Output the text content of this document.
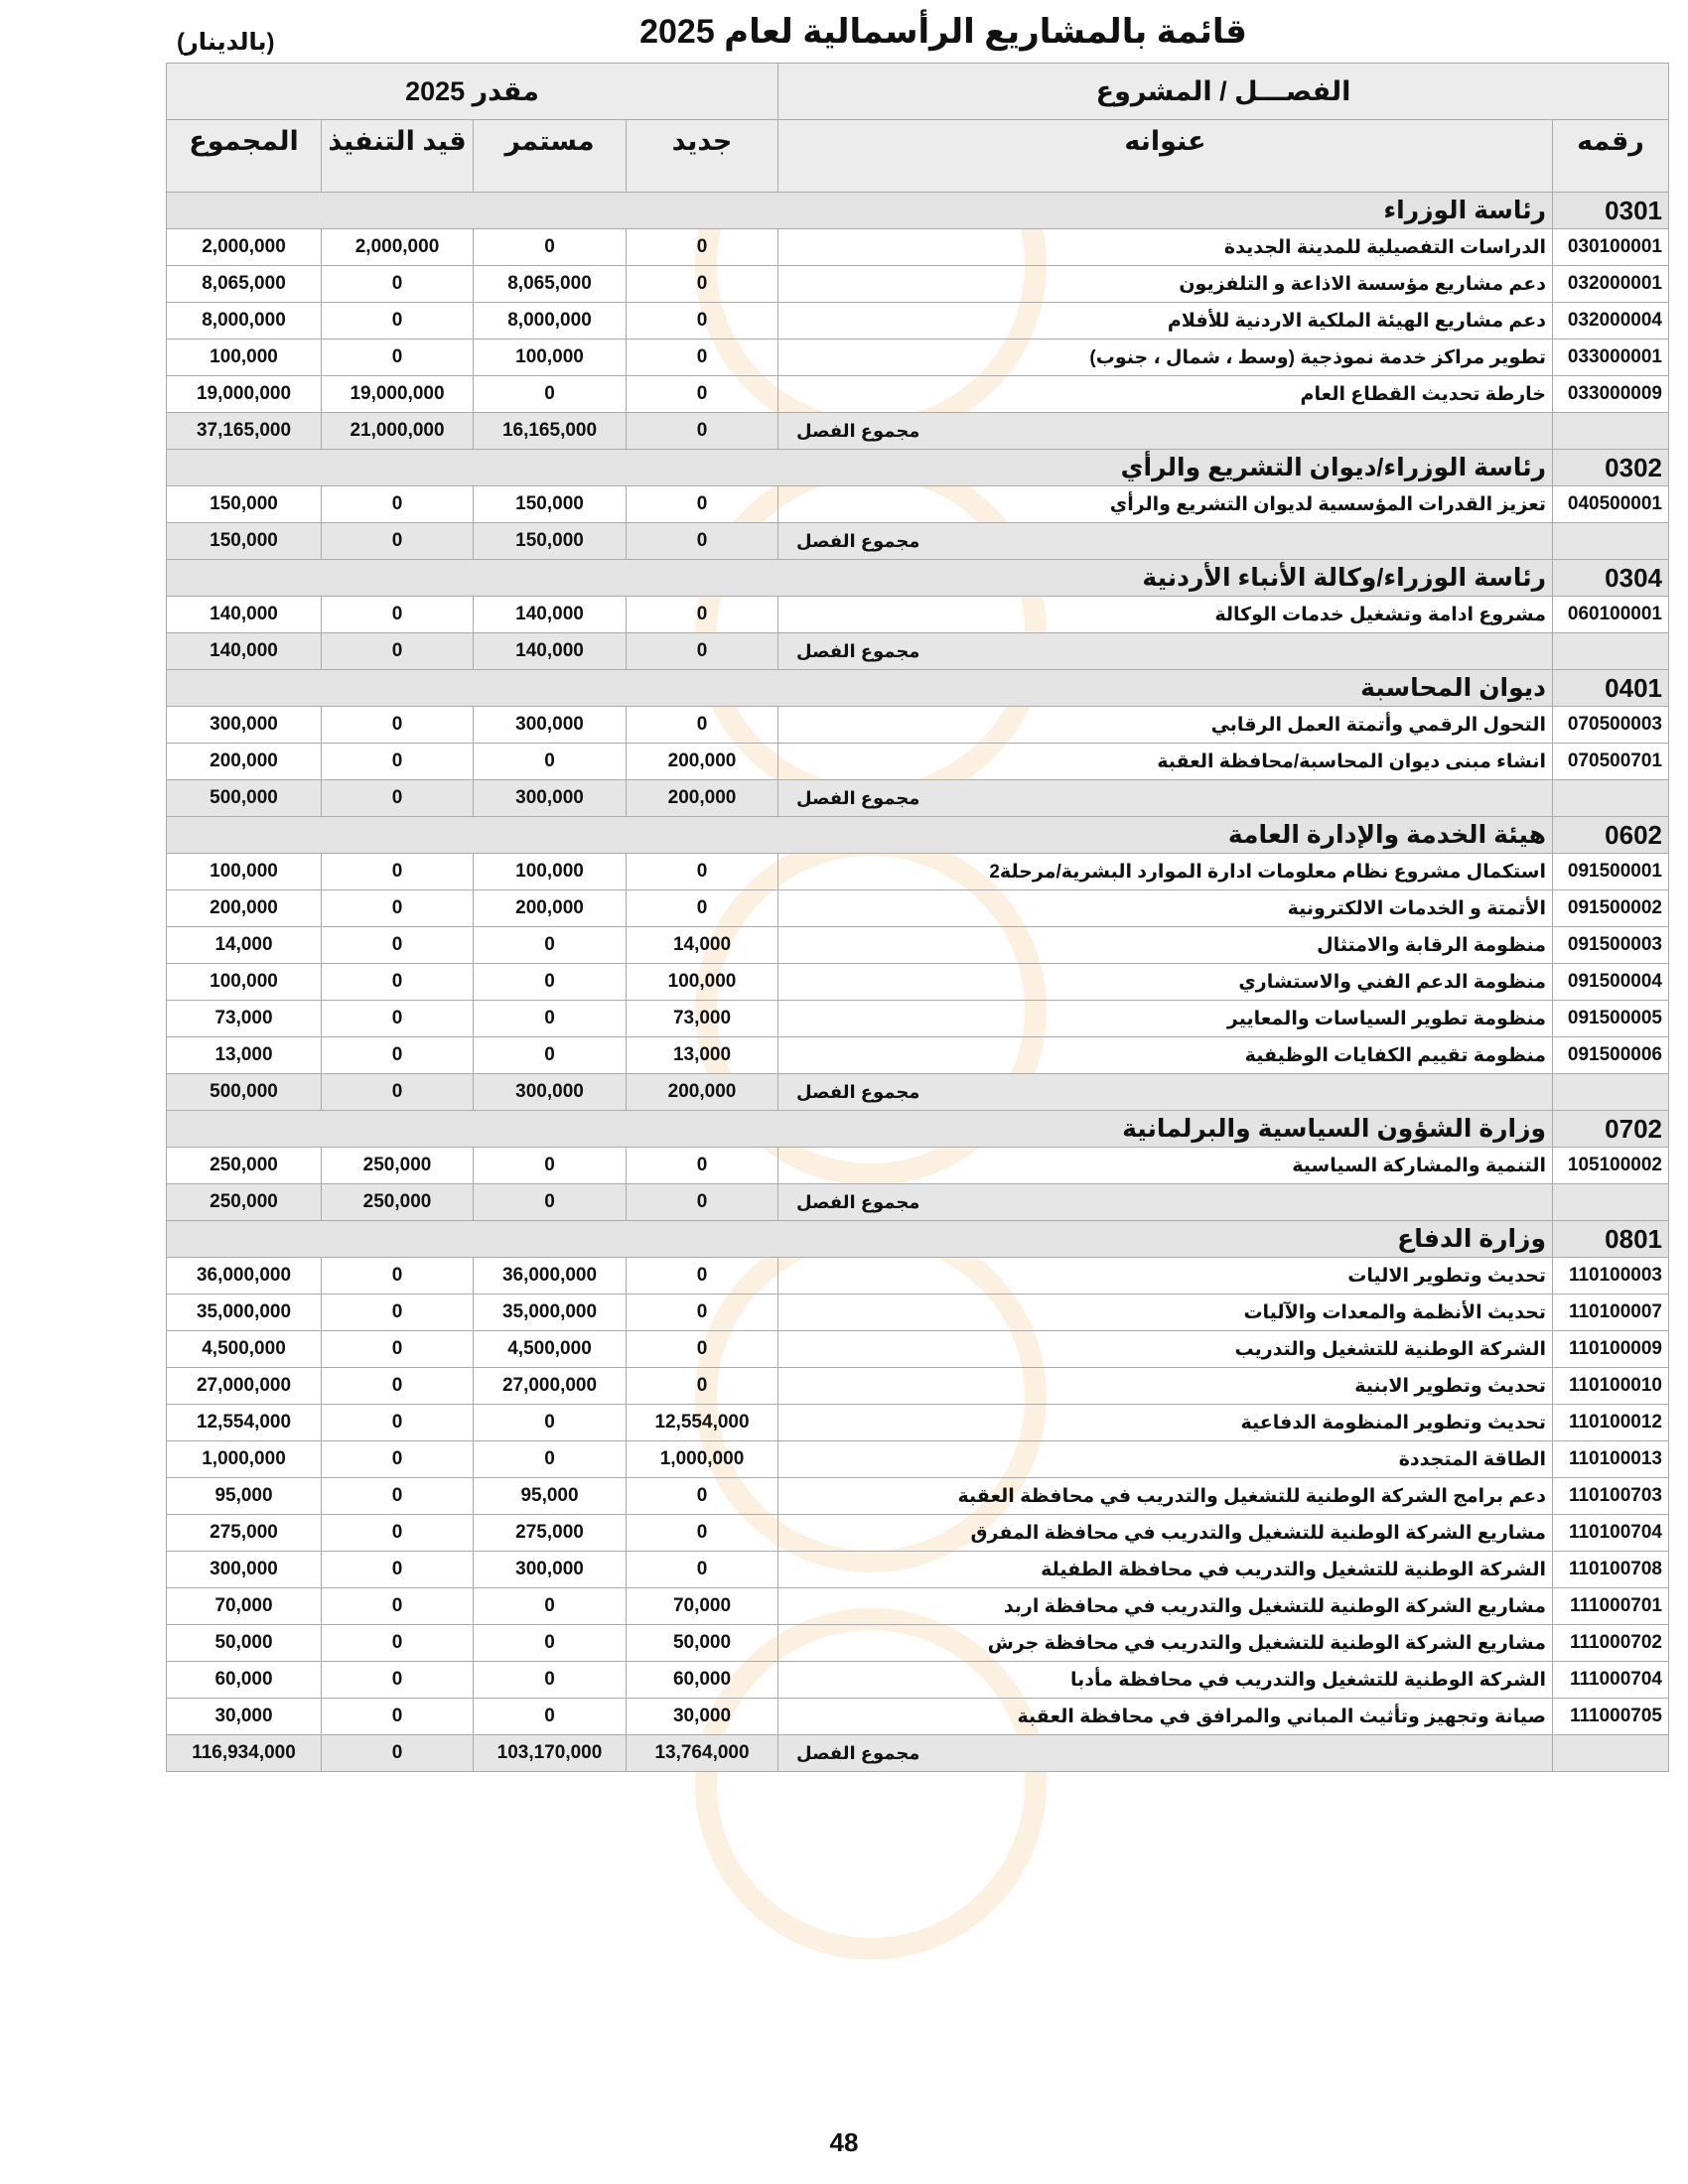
قائمة بالمشاريع الرأسمالية لعام 2025
(بالدينار)
الفصـــل / المشروع		مقدر 2025			
رقمه	عنوانه	جديد	مستمر	قيد التنفيذ	المجموع
0301	رئاسة الوزراء				
030100001	الدراسات التفصيلية للمدينة الجديدة	0	0	2,000,000	2,000,000
032000001	دعم مشاريع مؤسسة الاذاعة و التلفزيون	0	8,065,000	0	8,065,000
032000004	دعم مشاريع الهيئة الملكية الاردنية للأفلام	0	8,000,000	0	8,000,000
033000001	تطوير مراكز خدمة نموذجية (وسط ، شمال ، جنوب)	0	100,000	0	100,000
033000009	خارطة تحديث القطاع العام	0	0	19,000,000	19,000,000
	مجموع الفصل	0	16,165,000	21,000,000	37,165,000
0302	رئاسة الوزراء/ديوان التشريع والرأي				
040500001	تعزيز القدرات المؤسسية لديوان التشريع والرأي	0	150,000	0	150,000
	مجموع الفصل	0	150,000	0	150,000
0304	رئاسة الوزراء/وكالة الأنباء الأردنية				
060100001	مشروع ادامة وتشغيل خدمات الوكالة	0	140,000	0	140,000
	مجموع الفصل	0	140,000	0	140,000
0401	ديوان المحاسبة				
070500003	التحول الرقمي وأتمتة العمل الرقابي	0	300,000	0	300,000
070500701	انشاء مبنى ديوان المحاسبة/محافظة العقبة	200,000	0	0	200,000
	مجموع الفصل	200,000	300,000	0	500,000
0602	هيئة الخدمة والإدارة العامة				
091500001	استكمال مشروع نظام معلومات ادارة الموارد البشرية/مرحلة2	0	100,000	0	100,000
091500002	الأتمتة و الخدمات الالكترونية	0	200,000	0	200,000
091500003	منظومة الرقابة والامتثال	14,000	0	0	14,000
091500004	منظومة الدعم الفني والاستشاري	100,000	0	0	100,000
091500005	منظومة تطوير السياسات والمعايير	73,000	0	0	73,000
091500006	منظومة تقييم الكفايات الوظيفية	13,000	0	0	13,000
	مجموع الفصل	200,000	300,000	0	500,000
0702	وزارة الشؤون السياسية والبرلمانية				
105100002	التنمية والمشاركة السياسية	0	0	250,000	250,000
	مجموع الفصل	0	0	250,000	250,000
0801	وزارة الدفاع				
110100003	تحديث وتطوير الاليات	0	36,000,000	0	36,000,000
110100007	تحديث الأنظمة والمعدات والآليات	0	35,000,000	0	35,000,000
110100009	الشركة الوطنية للتشغيل والتدريب	0	4,500,000	0	4,500,000
110100010	تحديث وتطوير الابنية	0	27,000,000	0	27,000,000
110100012	تحديث وتطوير المنظومة الدفاعية	12,554,000	0	0	12,554,000
110100013	الطاقة المتجددة	1,000,000	0	0	1,000,000
110100703	دعم برامج الشركة الوطنية للتشغيل والتدريب في محافظة العقبة	0	95,000	0	95,000
110100704	مشاريع الشركة الوطنية للتشغيل والتدريب في محافظة المفرق	0	275,000	0	275,000
110100708	الشركة الوطنية للتشغيل والتدريب في محافظة الطفيلة	0	300,000	0	300,000
111000701	مشاريع الشركة الوطنية للتشغيل والتدريب في محافظة اربد	70,000	0	0	70,000
111000702	مشاريع الشركة الوطنية للتشغيل والتدريب في محافظة جرش	50,000	0	0	50,000
111000704	الشركة الوطنية للتشغيل والتدريب في محافظة مأدبا	60,000	0	0	60,000
111000705	صيانة وتجهيز وتأثيث المباني والمرافق في محافظة العقبة	30,000	0	0	30,000
	مجموع الفصل	13,764,000	103,170,000	0	116,934,000
48
